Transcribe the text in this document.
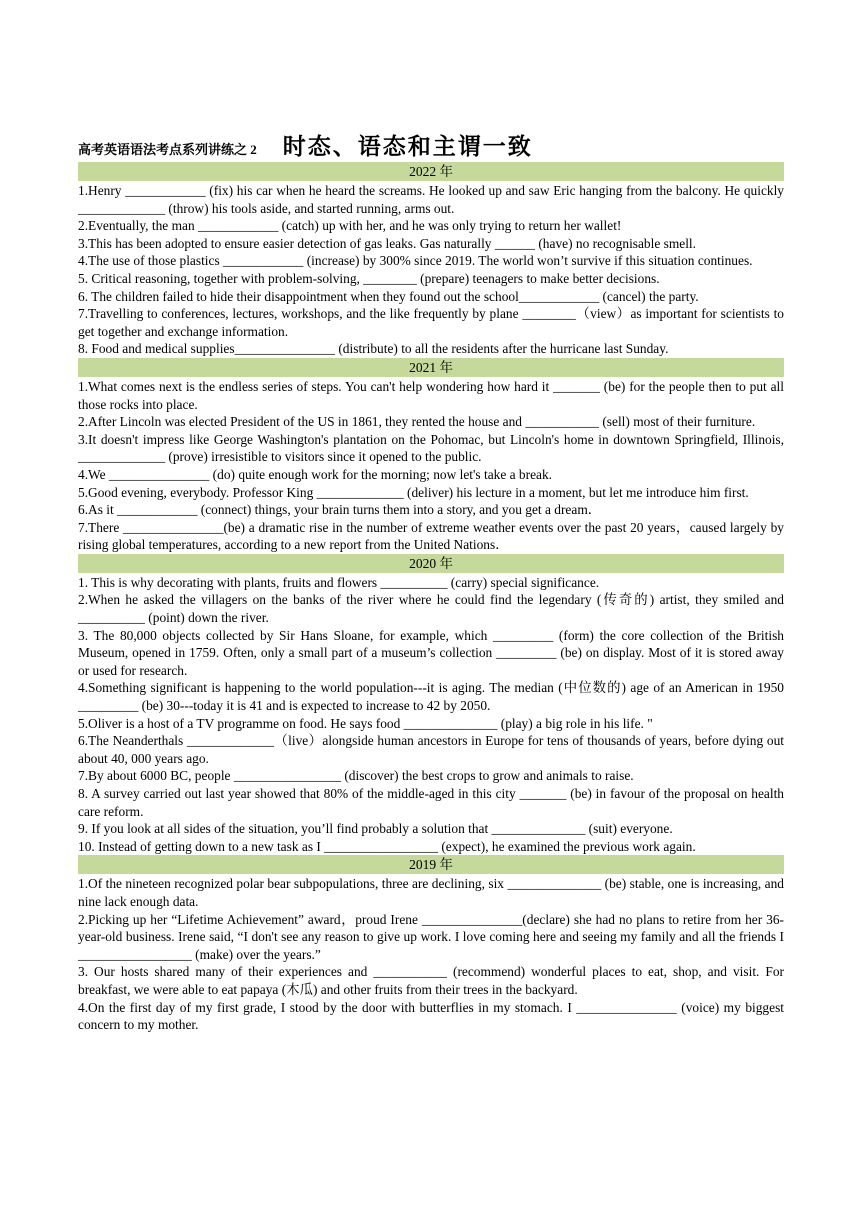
高考英语语法考点系列讲练之 2 时态、语态和主谓一致
2022 年

1.Henry ____________ (fix) his car when he heard the screams. He looked up and saw Eric hanging from the balcony. He quickly _____________ (throw) his tools aside, and started running, arms out.

2.Eventually, the man ____________ (catch) up with her, and he was only trying to return her wallet!

3.This has been adopted to ensure easier detection of gas leaks. Gas naturally ______ (have) no recognisable smell.

4.The use of those plastics ____________ (increase) by 300% since 2019. The world won’t survive if this situation continues.

5. Critical reasoning, together with problem-solving, ________ (prepare) teenagers to make better decisions.

6. The children failed to hide their disappointment when they found out the school____________ (cancel) the party.

7.Travelling to conferences, lectures, workshops, and the like frequently by plane ________（view）as important for scientists to get together and exchange information.

8. Food and medical supplies_______________ (distribute) to all the residents after the hurricane last Sunday.

2021 年

1.What comes next is the endless series of steps. You can't help wondering how hard it _______ (be) for the people then to put all those rocks into place.

2.After Lincoln was elected President of the US in 1861, they rented the house and ___________ (sell) most of their furniture.

3.It doesn't impress like George Washington's plantation on the Pohomac, but Lincoln's home in downtown Springfield, Illinois, _____________ (prove) irresistible to visitors since it opened to the public.

4.We _______________ (do) quite enough work for the morning; now let's take a break.

5.Good evening, everybody. Professor King _____________ (deliver) his lecture in a moment, but let me introduce him first.

6.As it ____________ (connect) things, your brain turns them into a story, and you get a dream．

7.There _______________(be) a dramatic rise in the number of extreme weather events over the past 20 years，caused largely by rising global temperatures, according to a new report from the United Nations．

2020 年

1. This is why decorating with plants, fruits and flowers __________ (carry) special significance.

2.When he asked the villagers on the banks of the river where he could find the legendary (传奇的) artist, they smiled and __________ (point) down the river.

3. The 80,000 objects collected by Sir Hans Sloane, for example, which _________ (form) the core collection of the British Museum, opened in 1759. Often, only a small part of a museum’s collection _________ (be) on display. Most of it is stored away or used for research.

4.Something significant is happening to the world population---it is aging. The median (中位数的) age of an American in 1950 _________ (be) 30---today it is 41 and is expected to increase to 42 by 2050.

5.Oliver is a host of a TV programme on food. He says food ______________ (play) a big role in his life. "

6.The Neanderthals _____________（live）alongside human ancestors in Europe for tens of thousands of years, before dying out about 40, 000 years ago.

7.By about 6000 BC, people ________________ (discover) the best crops to grow and animals to raise.

8. A survey carried out last year showed that 80% of the middle-aged in this city _______ (be) in favour of the proposal on health care reform.

9. If you look at all sides of the situation, you’ll find probably a solution that ______________ (suit) everyone.

10. Instead of getting down to a new task as I _________________ (expect), he examined the previous work again.

2019 年

1.Of the nineteen recognized polar bear subpopulations, three are declining, six ______________ (be) stable, one is increasing, and nine lack enough data.

2.Picking up her “Lifetime Achievement” award，proud Irene _______________(declare) she had no plans to retire from her 36-year-old business. Irene said, “I don't see any reason to give up work. I love coming here and seeing my family and all the friends I _________________ (make) over the years.”

3. Our hosts shared many of their experiences and ___________ (recommend) wonderful places to eat, shop, and visit. For breakfast, we were able to eat papaya (木瓜) and other fruits from their trees in the backyard.

4.On the first day of my first grade, I stood by the door with butterflies in my stomach. I _______________ (voice) my biggest concern to my mother.
